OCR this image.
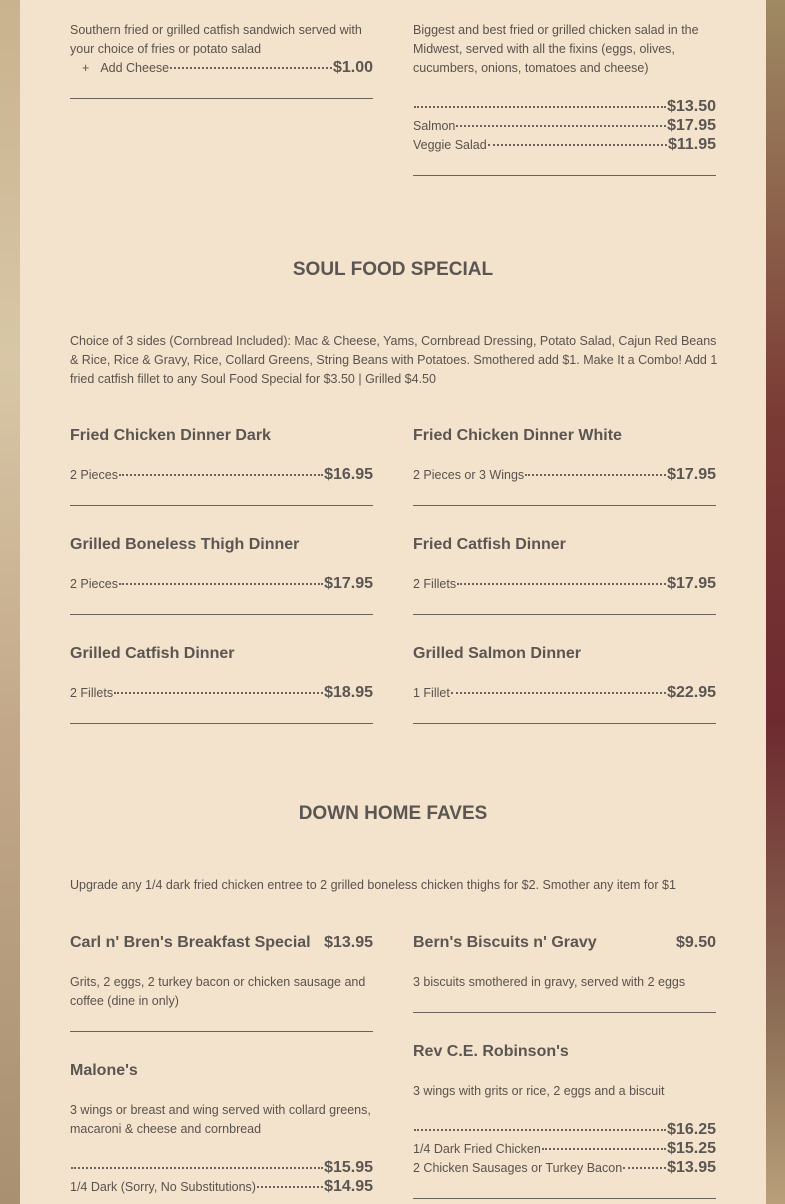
Southern fried or grilled catfish sandwich served with your choice of fries or potato salad
+ Add Cheese	$1.00
Biggest and best fried or grilled chicken salad in the Midwest, served with all the fixins (eggs, olives, cucumbers, onions, tomatoes and cheese)
$13.50
Salmon	$17.95
Veggie Salad	$11.95
SOUL FOOD SPECIAL
Choice of 3 sides (Cornbread Included): Mac & Cheese, Yams, Cornbread Dressing, Potato Salad, Cajun Red Beans & Rice, Rice & Gravy, Rice, Collard Greens, String Beans with Potatoes. Smothered add $1. Make It a Combo! Add 1 fried catfish fillet to any Soul Food Special for $3.50 | Grilled $4.50
Fried Chicken Dinner Dark
2 Pieces	$16.95
Fried Chicken Dinner White
2 Pieces or 3 Wings	$17.95
Grilled Boneless Thigh Dinner
2 Pieces	$17.95
Fried Catfish Dinner
2 Fillets	$17.95
Grilled Catfish Dinner
2 Fillets	$18.95
Grilled Salmon Dinner
1 Fillet	$22.95
DOWN HOME FAVES
Upgrade any 1/4 dark fried chicken entree to 2 grilled boneless chicken thighs for $2. Smother any item for $1
Carl n' Bren's Breakfast Special $13.95
Grits, 2 eggs, 2 turkey bacon or chicken sausage and coffee (dine in only)
Bern's Biscuits n' Gravy	$9.50
3 biscuits smothered in gravy, served with 2 eggs
Malone's
3 wings or breast and wing served with collard greens, macaroni & cheese and cornbread
$15.95
1/4 Dark (Sorry, No Substitutions)	$14.95
Rev C.E. Robinson's
3 wings with grits or rice, 2 eggs and a biscuit
$16.25
1/4 Dark Fried Chicken	$15.25
2 Chicken Sausages or Turkey Bacon	$13.95
